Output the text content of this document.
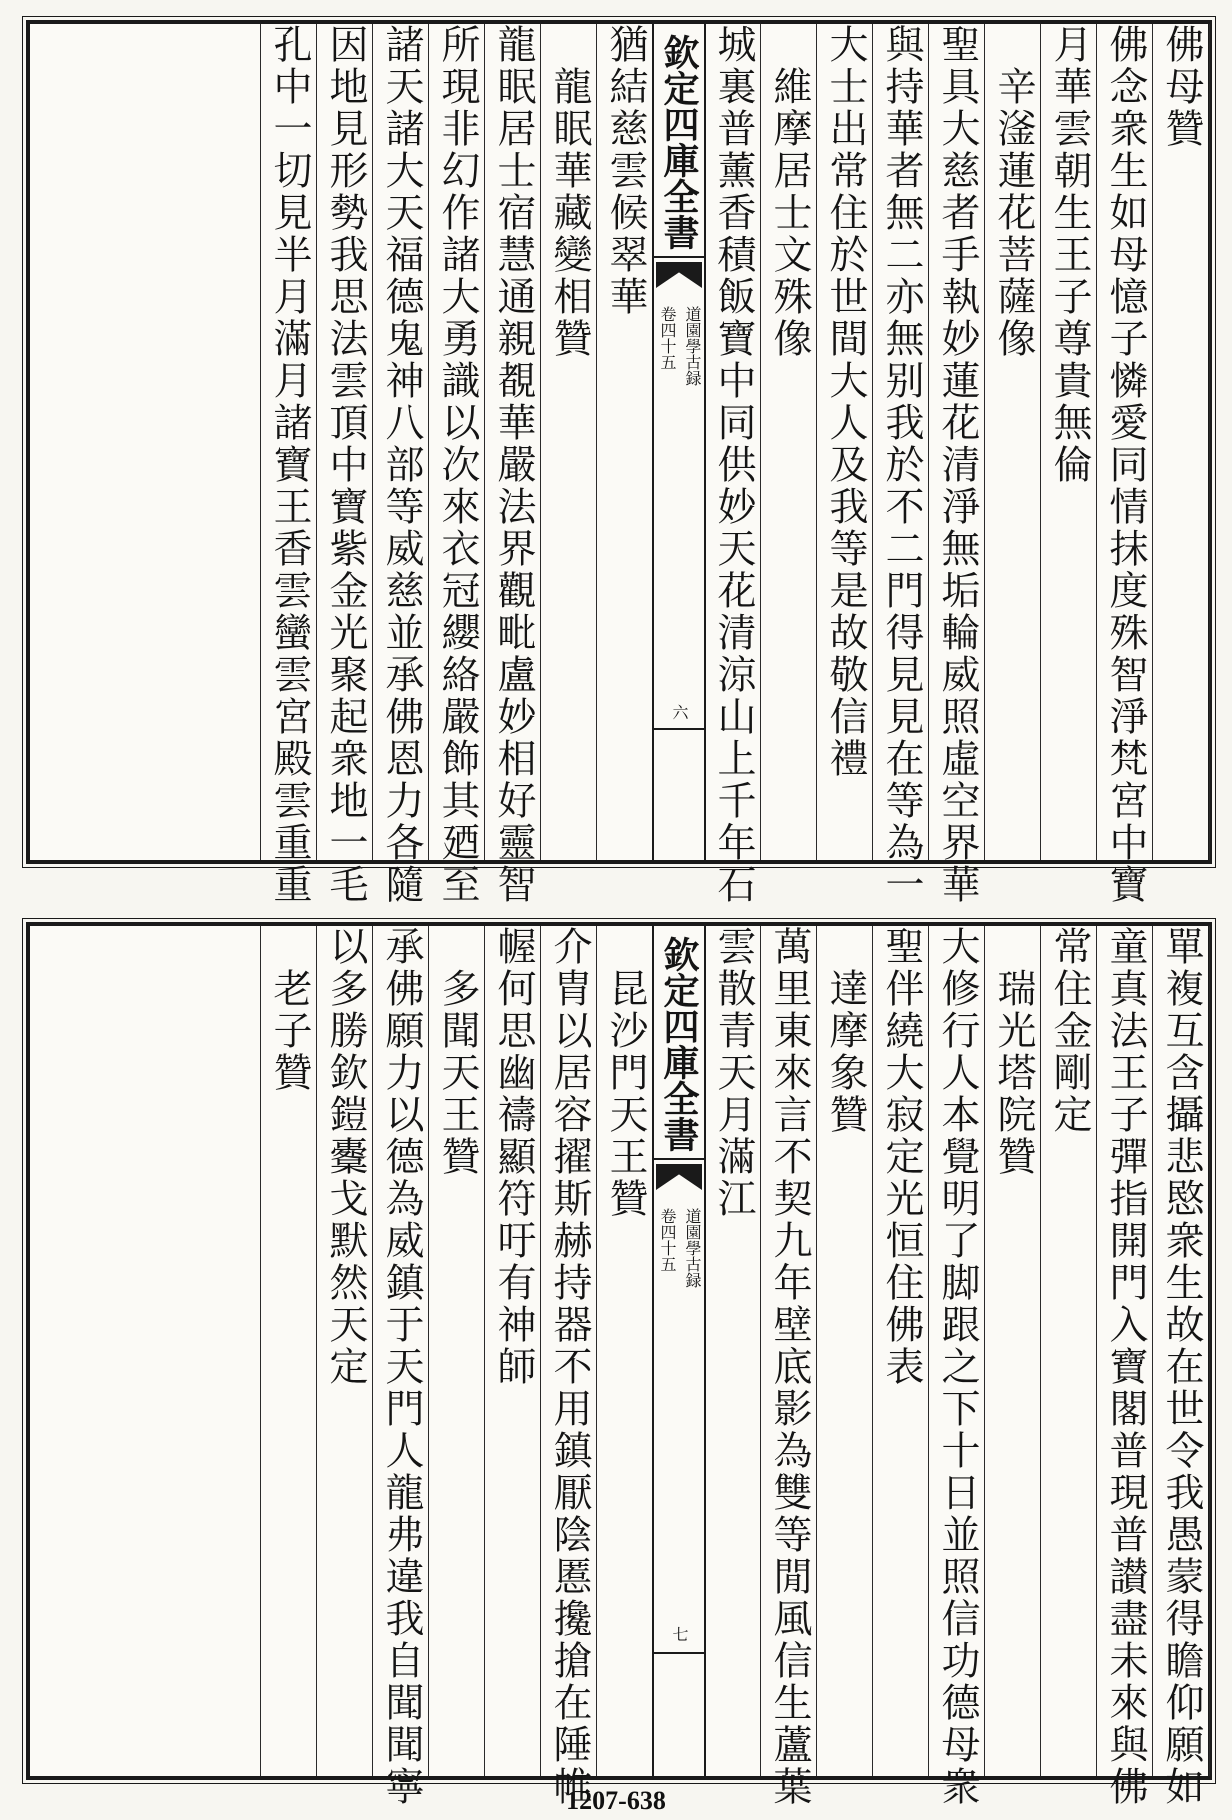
佛母贊
佛念衆生如母憶子憐愛同情抹度殊智淨梵宮中寶
月華雲朝生王子尊貴無倫
　辛滏蓮花菩薩像
聖具大慈者手執妙蓮花清淨無垢輪威照虛空界華
與持華者無二亦無别我於不二門得見見在等為一
大士出常住於世間大人及我等是故敬信禮
　維摩居士文殊像
城裏普薰香積飯寶中同供妙天花清涼山上千年石
欽定四庫全書
道園學古録
卷四十五
六
猶結慈雲候翠華
　龍眠華藏變相贊
龍眠居士宿慧通親覩華嚴法界觀毗盧妙相好靈智
所現非幻作諸大勇識以次來衣冠纓絡嚴飾其廼至
諸天諸大天福德鬼神八部等威慈並承佛恩力各隨
因地見形勢我思法雲頂中寶紫金光聚起衆地一毛
孔中一切見半月滿月諸寶王香雲蠻雲宮殿雲重重
單複互含攝悲愍衆生故在世令我愚蒙得瞻仰願如
童真法王子彈指開門入寶閣普現普讃盡未來與佛
常住金剛定
　瑞光塔院贊
大修行人本覺明了脚跟之下十日並照信功德母衆
聖伴繞大寂定光恒住佛表
　達摩象贊
萬里東來言不契九年壁底影為雙等閒風信生蘆葉
雲散青天月滿江
欽定四庫全書
道園學古録
卷四十五
七
　昆沙門天王贊
介胄以居容擢斯赫持器不用鎮厭陰慝攙搶在陲帷
幄何思幽禱顯符吁有神師
　多聞天王贊
承佛願力以德為威鎮于天門人龍弗違我自聞聞寧
以多勝欽鎧櫜戈默然天定
　老子贊
1207-638
